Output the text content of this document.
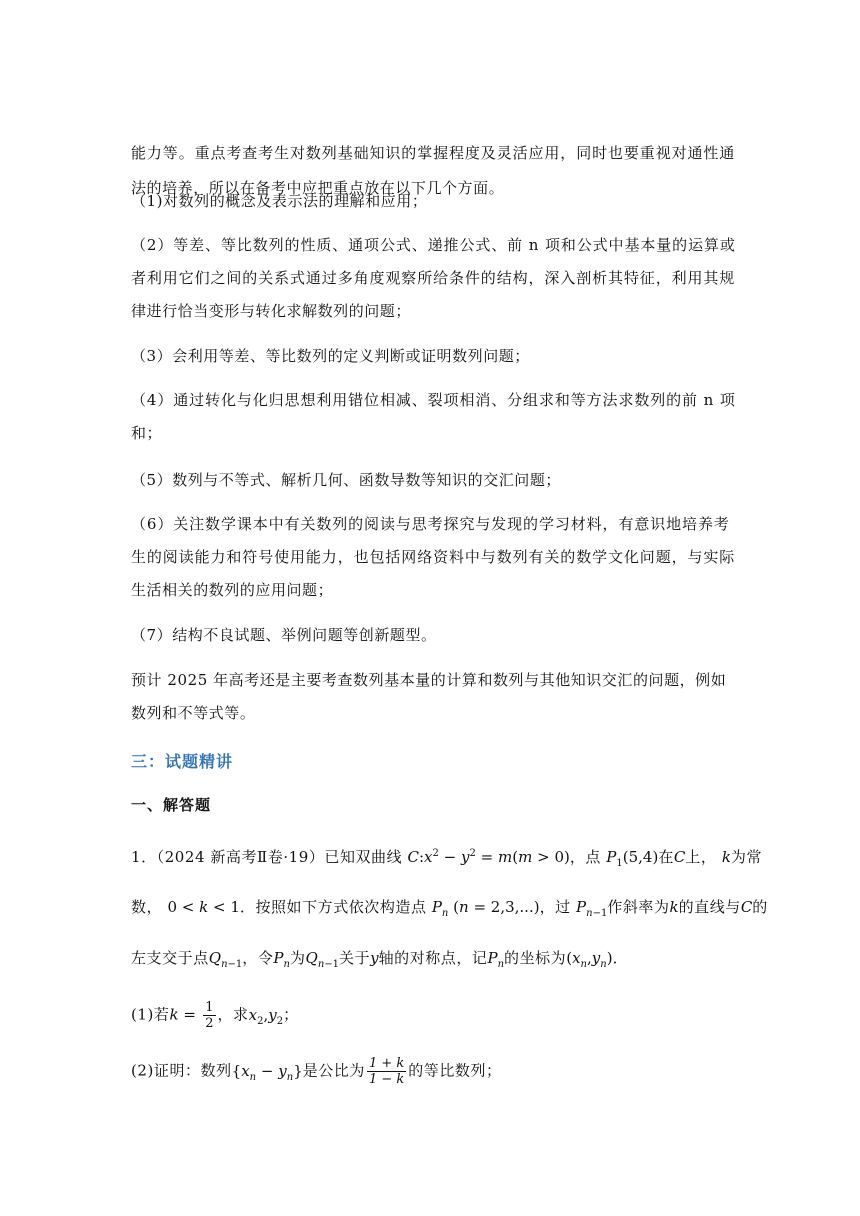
能力等。重点考查考生对数列基础知识的掌握程度及灵活应用，同时也要重视对通性通
法的培养，所以在备考中应把重点放在以下几个方面。
（1)对数列的概念及表示法的理解和应用；
（2）等差、等比数列的性质、通项公式、递推公式、前 n 项和公式中基本量的运算或
者利用它们之间的关系式通过多角度观察所给条件的结构，深入剖析其特征，利用其规
律进行恰当变形与转化求解数列的问题；
（3）会利用等差、等比数列的定义判断或证明数列问题；
（4）通过转化与化归思想利用错位相减、裂项相消、分组求和等方法求数列的前 n 项
和；
（5）数列与不等式、解析几何、函数导数等知识的交汇问题；
（6）关注数学课本中有关数列的阅读与思考探究与发现的学习材料，有意识地培养考
生的阅读能力和符号使用能力，也包括网络资料中与数列有关的数学文化问题，与实际
生活相关的数列的应用问题；
（7）结构不良试题、举例问题等创新题型。
预计 2025 年高考还是主要考查数列基本量的计算和数列与其他知识交汇的问题，例如
数列和不等式等。
三：试题精讲
一、解答题
1．（2024 新高考Ⅱ卷·19）已知双曲线 $C:x^2 - y^2 = m(m > 0)$，点 $P_1(5,4)$在C上， k为常
数， 0 < k < 1．按照如下方式依次构造点 $P_n$ (n = 2,3,...)，过 $P_{n-1}$作斜率为k的直线与C的
左支交于点$Q_{n-1}$，令$P_n$为$Q_{n-1}$关于y轴的对称点，记$P_n$的坐标为$(x_n,y_n)$．
(1)若$k = \frac{1}{2}$ ，求$x_2,y_2$；
(2)证明：数列$\{x_n - y_n\}$是公比为 $\frac{1 + k}{1 - k}$ 的等比数列；
